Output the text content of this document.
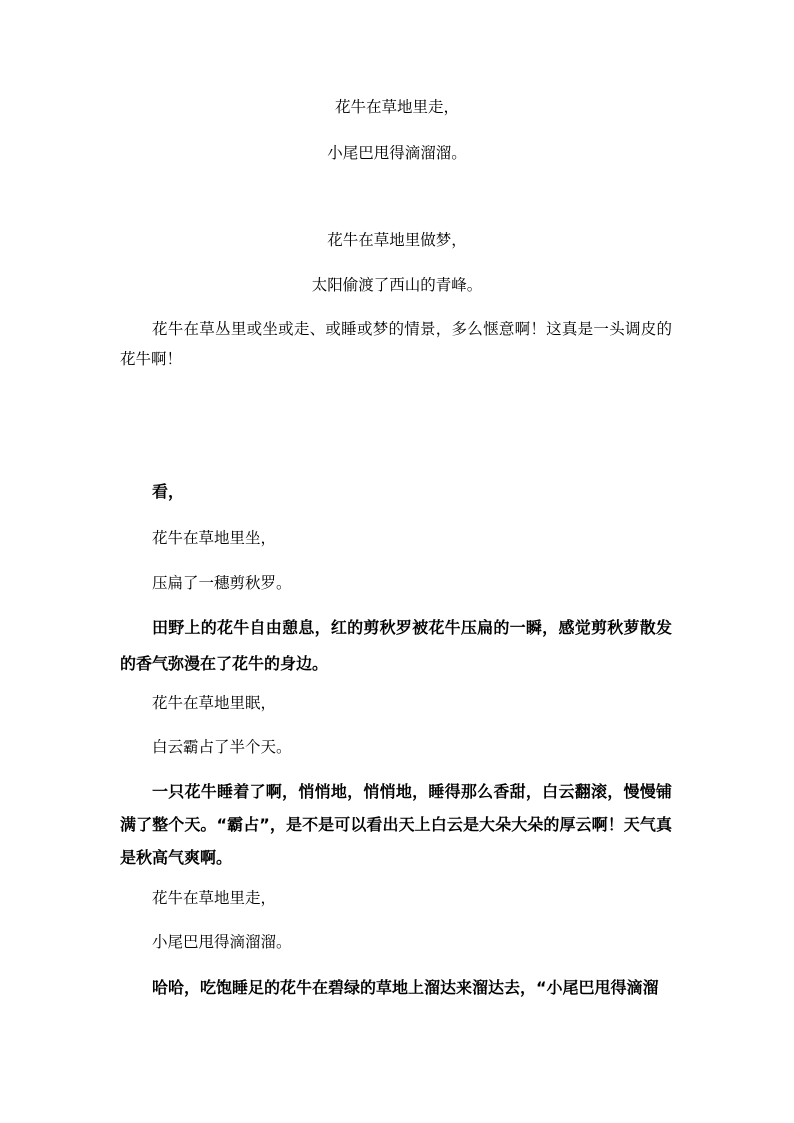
花牛在草地里走，
小尾巴甩得滴溜溜。
花牛在草地里做梦，
太阳偷渡了西山的青峰。
花牛在草丛里或坐或走、或睡或梦的情景，多么惬意啊！这真是一头调皮的花牛啊！
看，
花牛在草地里坐，
压扁了一穗剪秋罗。
田野上的花牛自由憩息，红的剪秋罗被花牛压扁的一瞬，感觉剪秋萝散发的香气弥漫在了花牛的身边。
花牛在草地里眠，
白云霸占了半个天。
一只花牛睡着了啊，悄悄地，悄悄地，睡得那么香甜，白云翻滚，慢慢铺满了整个天。“霸占”，是不是可以看出天上白云是大朵大朵的厚云啊！天气真是秋高气爽啊。
花牛在草地里走，
小尾巴甩得滴溜溜。
哈哈，吃饱睡足的花牛在碧绿的草地上溜达来溜达去，“小尾巴甩得滴溜
